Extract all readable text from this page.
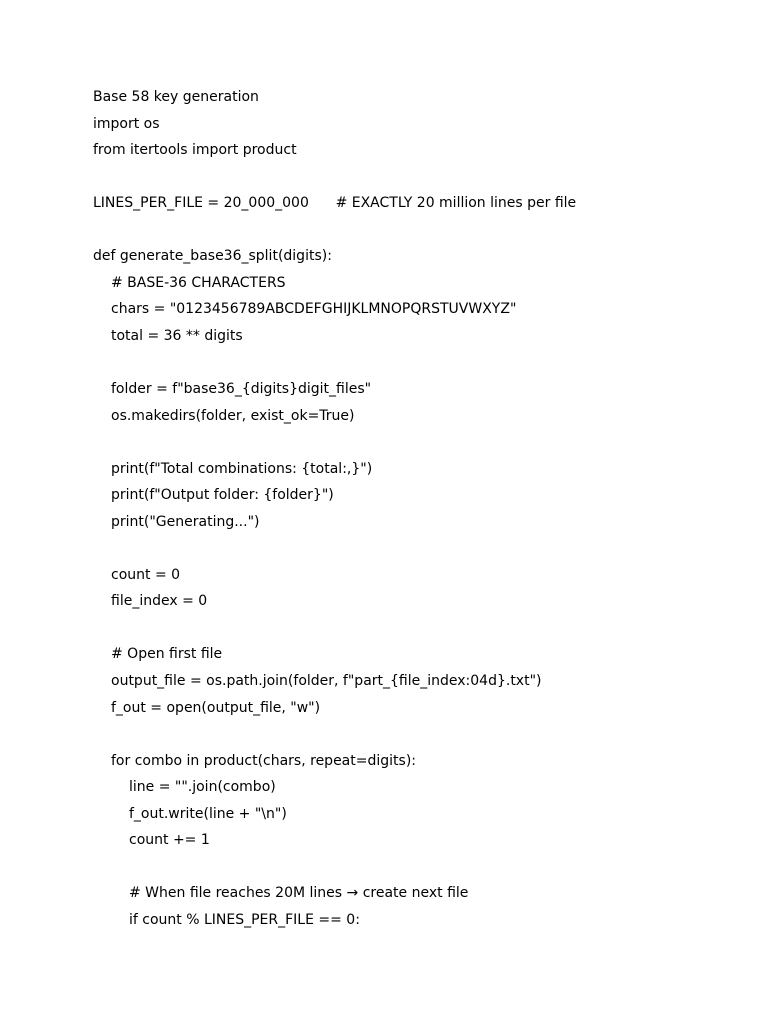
Base 58 key generation
import os
from itertools import product
LINES_PER_FILE = 20_000_000      # EXACTLY 20 million lines per file
def generate_base36_split(digits):
# BASE-36 CHARACTERS
chars = "0123456789ABCDEFGHIJKLMNOPQRSTUVWXYZ"
total = 36 ** digits
folder = f"base36_{digits}digit_files"
os.makedirs(folder, exist_ok=True)
print(f"Total combinations: {total:,}")
print(f"Output folder: {folder}")
print("Generating...")
count = 0
file_index = 0
# Open first file
output_file = os.path.join(folder, f"part_{file_index:04d}.txt")
f_out = open(output_file, "w")
for combo in product(chars, repeat=digits):
line = "".join(combo)
f_out.write(line + "\n")
count += 1
# When file reaches 20M lines → create next file
if count % LINES_PER_FILE == 0:
